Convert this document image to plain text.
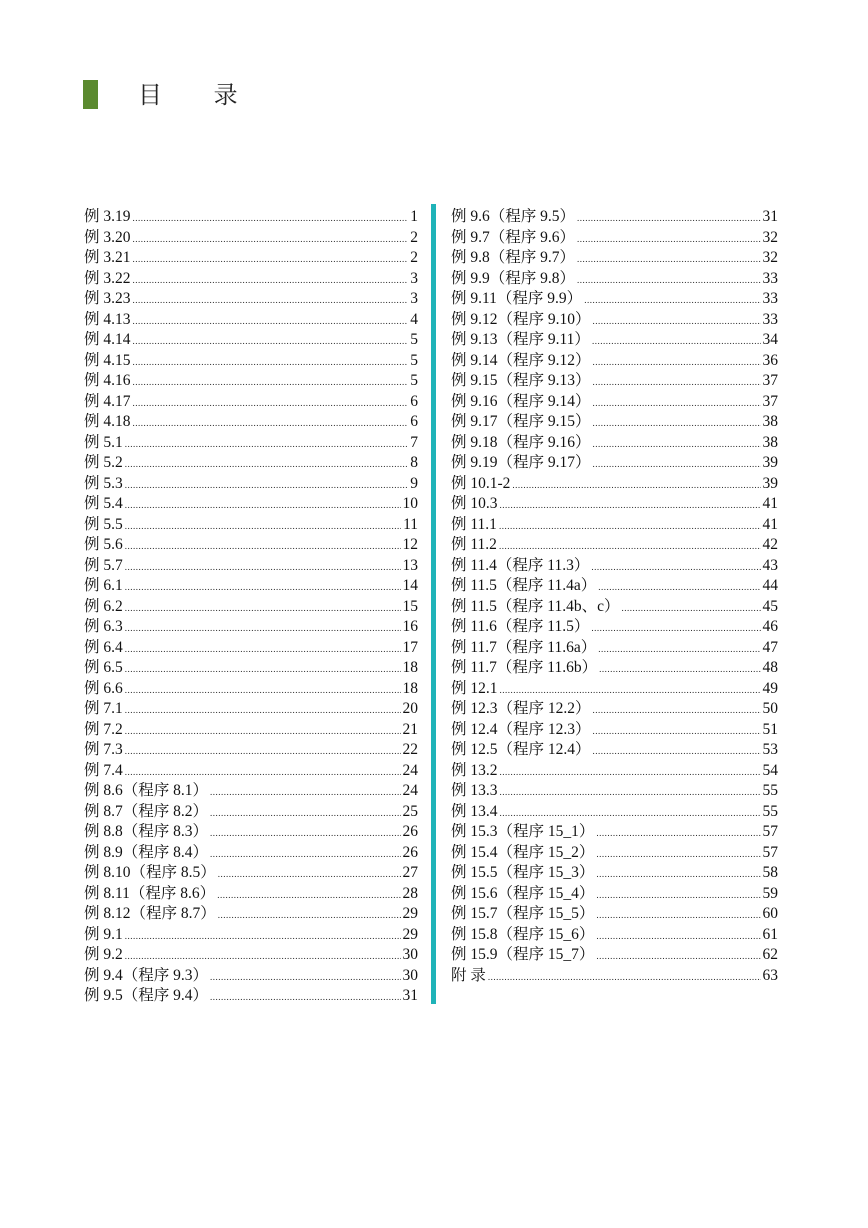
目 录
例 3.19 .....	1
例 3.20 .....	2
例 3.21 .....	2
例 3.22 .....	3
例 3.23 .....	3
例 4.13 .....	4
例 4.14 .....	5
例 4.15 .....	5
例 4.16 .....	5
例 4.17 .....	6
例 4.18 .....	6
例 5.1 .....	7
例 5.2 .....	8
例 5.3 .....	9
例 5.4 .....	10
例 5.5 .....	11
例 5.6 .....	12
例 5.7 .....	13
例 6.1 .....	14
例 6.2 .....	15
例 6.3 .....	16
例 6.4 .....	17
例 6.5 .....	18
例 6.6 .....	18
例 7.1 .....	20
例 7.2 .....	21
例 7.3 .....	22
例 7.4 .....	24
例 8.6（程序 8.1） .....	24
例 8.7（程序 8.2） .....	25
例 8.8（程序 8.3） .....	26
例 8.9（程序 8.4） .....	26
例 8.10（程序 8.5） .....	27
例 8.11（程序 8.6） .....	28
例 8.12（程序 8.7） .....	29
例 9.1 .....	29
例 9.2 .....	30
例 9.4（程序 9.3） .....	30
例 9.5（程序 9.4） .....	31
例 9.6（程序 9.5） .....	31
例 9.7（程序 9.6） .....	32
例 9.8（程序 9.7） .....	32
例 9.9（程序 9.8） .....	33
例 9.11（程序 9.9） .....	33
例 9.12（程序 9.10） .....	33
例 9.13（程序 9.11） .....	34
例 9.14（程序 9.12） .....	36
例 9.15（程序 9.13） .....	37
例 9.16（程序 9.14） .....	37
例 9.17（程序 9.15） .....	38
例 9.18（程序 9.16） .....	38
例 9.19（程序 9.17） .....	39
例 10.1-2 .....	39
例 10.3 .....	41
例 11.1 .....	41
例 11.2 .....	42
例 11.4（程序 11.3） .....	43
例 11.5（程序 11.4a） .....	44
例 11.5（程序 11.4b、c） .....	45
例 11.6（程序 11.5） .....	46
例 11.7（程序 11.6a） .....	47
例 11.7（程序 11.6b） .....	48
例 12.1 .....	49
例 12.3（程序 12.2） .....	50
例 12.4（程序 12.3） .....	51
例 12.5（程序 12.4） .....	53
例 13.2 .....	54
例 13.3 .....	55
例 13.4 .....	55
例 15.3（程序 15_1） .....	57
例 15.4（程序 15_2） .....	57
例 15.5（程序 15_3） .....	58
例 15.6（程序 15_4） .....	59
例 15.7（程序 15_5） .....	60
例 15.8（程序 15_6） .....	61
例 15.9（程序 15_7） .....	62
附 录 .....	63
